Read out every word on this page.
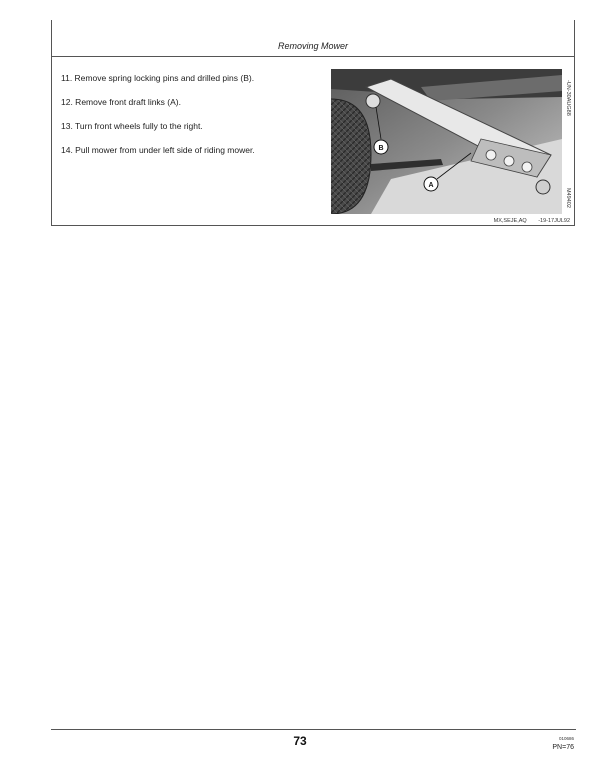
Removing Mower
11. Remove spring locking pins and drilled pins (B).
12. Remove front draft links (A).
13. Turn front wheels fully to the right.
14. Pull mower from under left side of riding mower.	B
A
-UN-30AUG88
M49402
MX,SEJE,AQ -19-17JUL92
73	010686
PN=76
